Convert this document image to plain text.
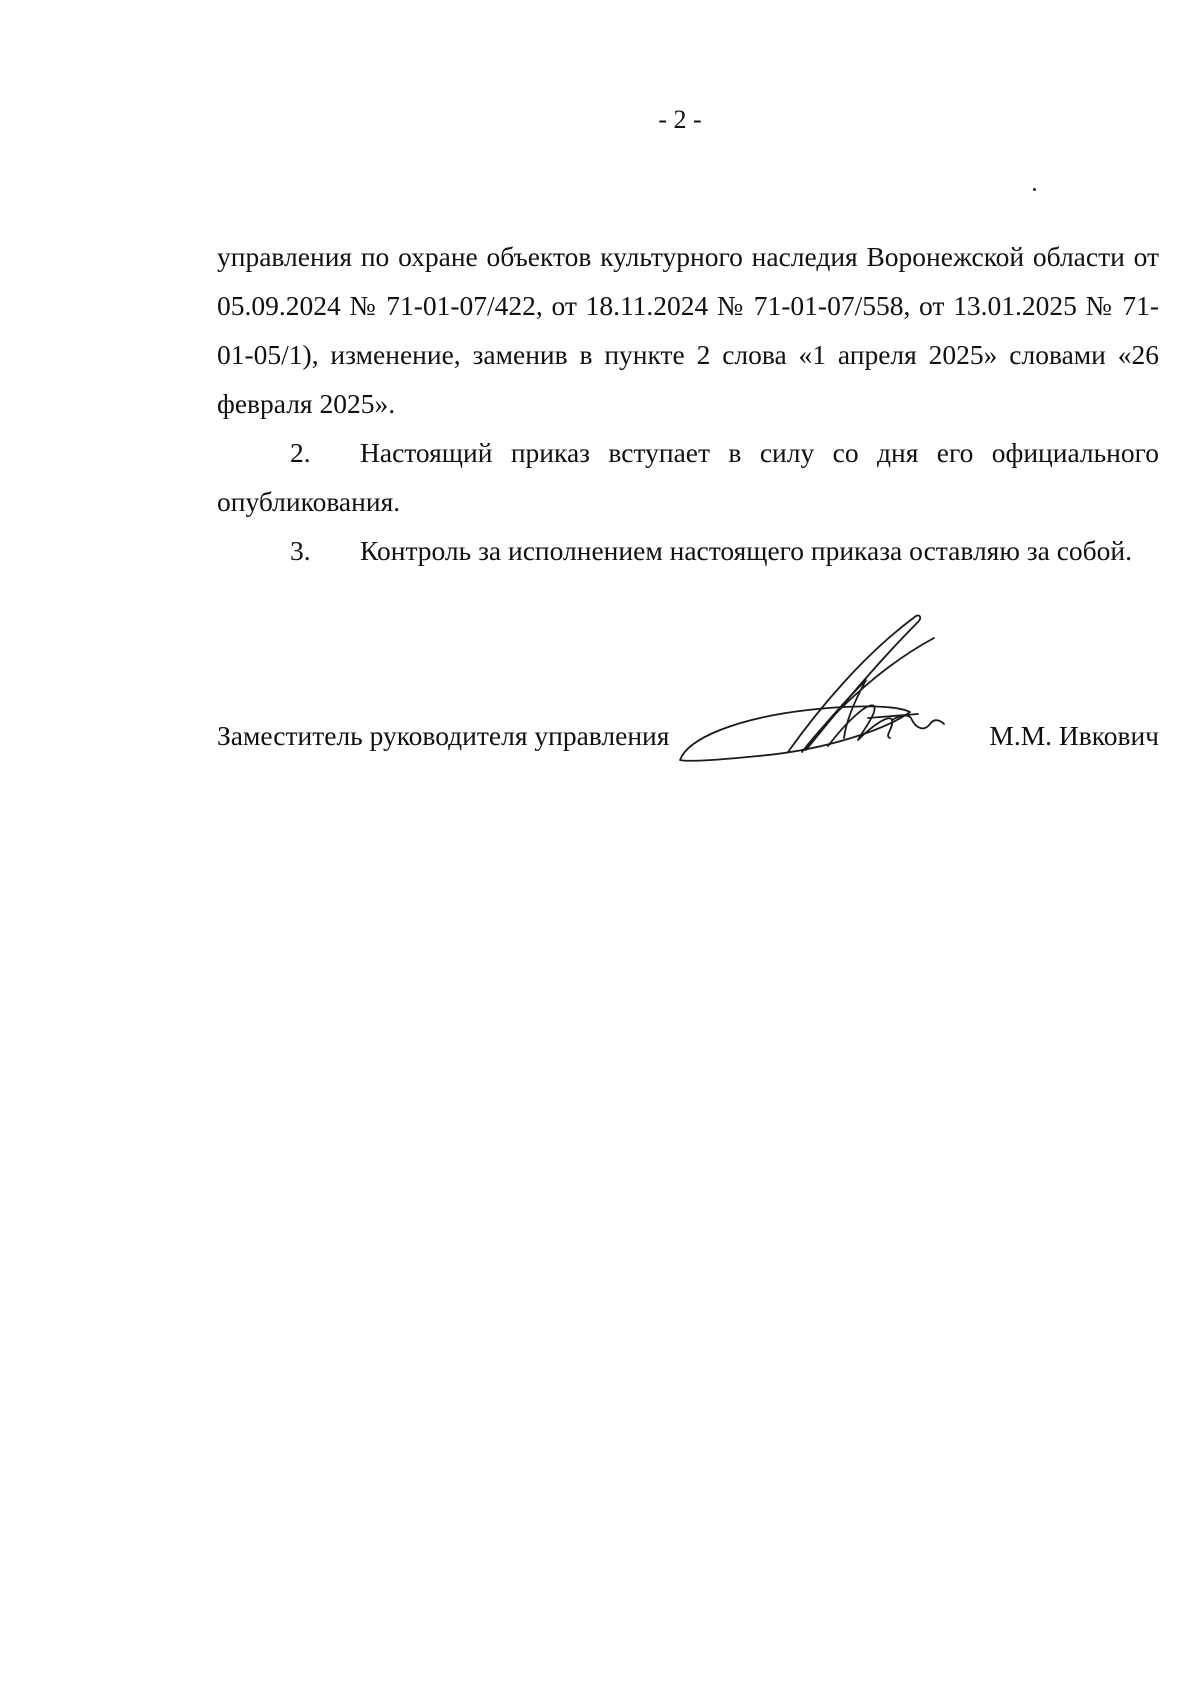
- 2 -

управления по охране объектов культурного наследия Воронежской области от 05.09.2024 № 71-01-07/422, от 18.11.2024 № 71-01-07/558, от 13.01.2025 № 71-01-05/1), изменение, заменив в пункте 2 слова «1 апреля 2025» словами «26 февраля 2025».

2. Настоящий приказ вступает в силу со дня его официального опубликования.

3. Контроль за исполнением настоящего приказа оставляю за собой.

Заместитель руководителя управления	М.М. Ивкович
